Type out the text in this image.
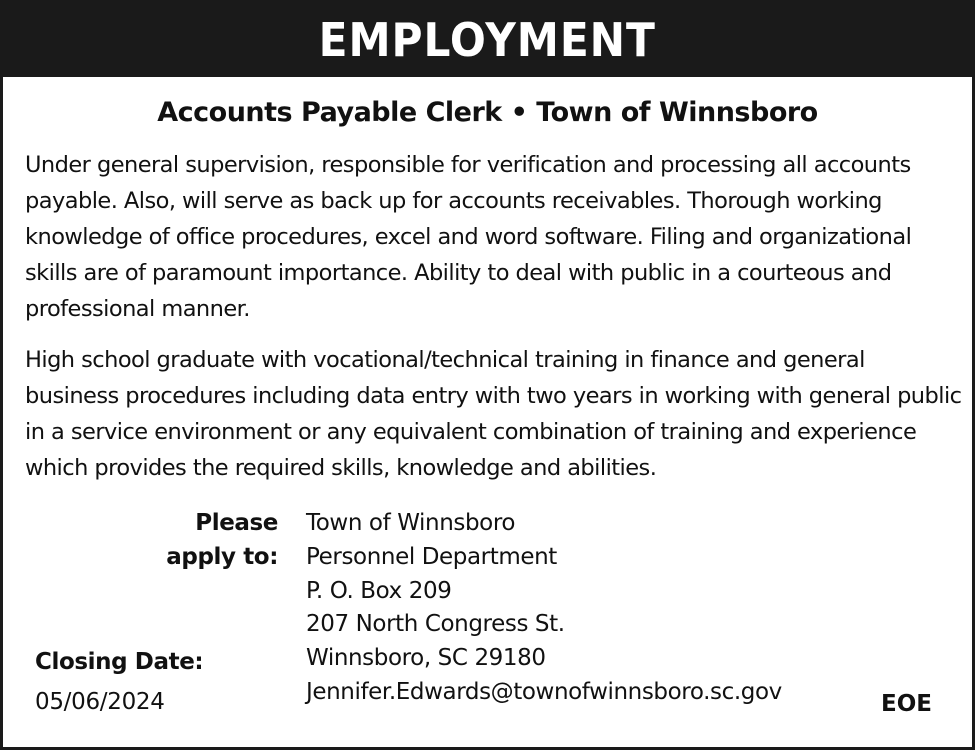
EMPLOYMENT
Accounts Payable Clerk • Town of Winnsboro
Under general supervision, responsible for verification and processing all accounts payable. Also, will serve as back up for accounts receivables. Thorough working knowledge of office procedures, excel and word software. Filing and organizational skills are of paramount importance. Ability to deal with public in a courteous and professional manner.
High school graduate with vocational/technical training in finance and general business procedures including data entry with two years in working with general public in a service environment or any equivalent combination of training and experience which provides the required skills, knowledge and abilities.
Please
apply to:
Town of Winnsboro
Personnel Department
P. O. Box 209
207 North Congress St.
Winnsboro, SC 29180
Jennifer.Edwards@townofwinnsboro.sc.gov
Closing Date:
05/06/2024	EOE
